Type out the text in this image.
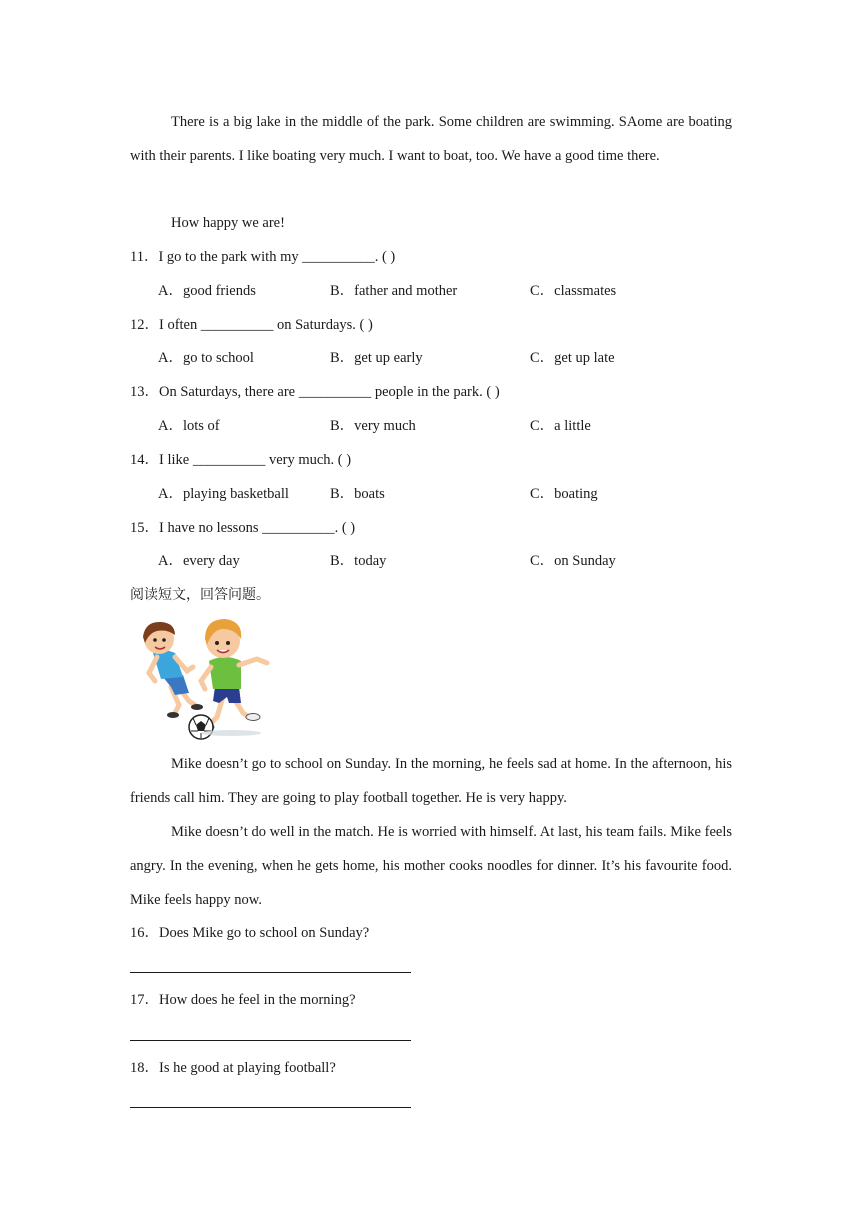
There is a big lake in the middle of the park. Some children are swimming. SAome are boating with their parents. I like boating very much. I want to boat, too. We have a good time there.
How happy we are!
11．I go to the park with my __________. ( )
A．good friends	B．father and mother	C．classmates
12．I often __________ on Saturdays. ( )
A．go to school	B．get up early	C．get up late
13．On Saturdays, there are __________ people in the park. ( )
A．lots of	B．very much	C．a little
14．I like __________ very much. ( )
A．playing basketball	B．boats	C．boating
15．I have no lessons __________. ( )
A．every day	B．today	C．on Sunday
阅读短文，回答问题。
Mike doesn’t go to school on Sunday. In the morning, he feels sad at home. In the afternoon, his friends call him. They are going to play football together. He is very happy.
Mike doesn’t do well in the match. He is worried with himself. At last, his team fails. Mike feels angry. In the evening, when he gets home, his mother cooks noodles for dinner. It’s his favourite food. Mike feels happy now.
16．Does Mike go to school on Sunday?
17．How does he feel in the morning?
18．Is he good at playing football?
